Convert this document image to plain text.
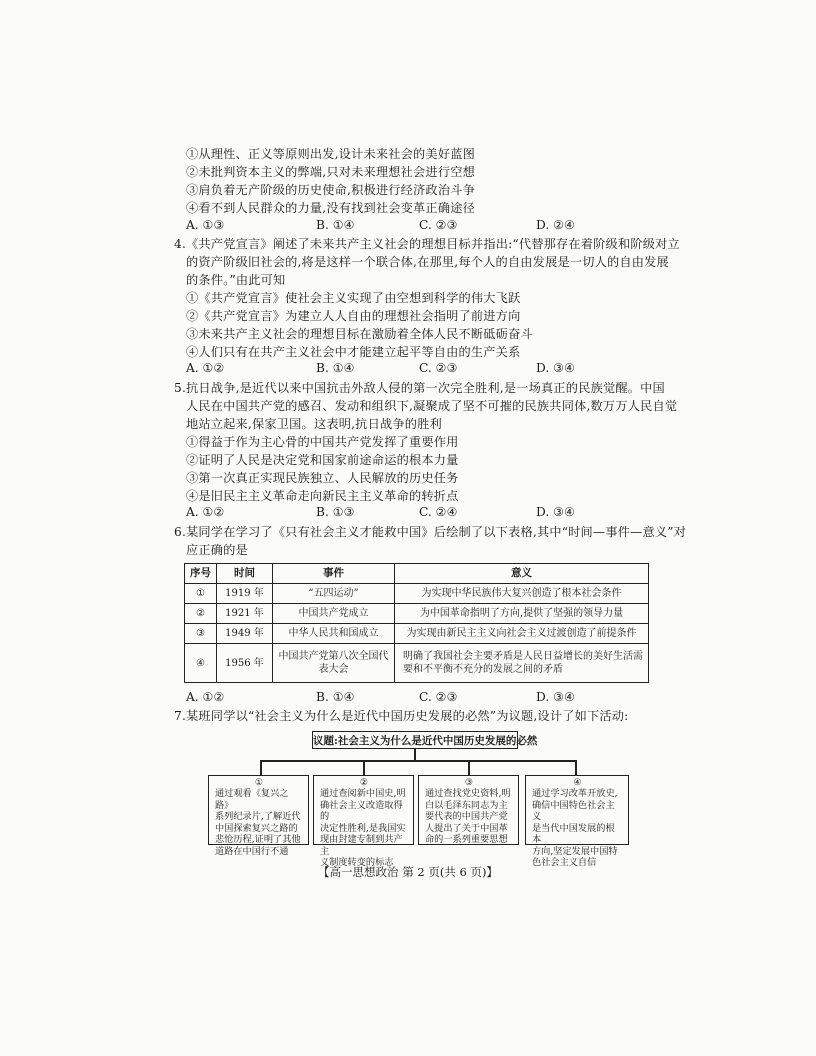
①从理性、正义等原则出发,设计未来社会的美好蓝图
②未批判资本主义的弊端,只对未来理想社会进行空想
③肩负着无产阶级的历史使命,积极进行经济政治斗争
④看不到人民群众的力量,没有找到社会变革正确途径
A. ①③	B. ①④	C. ②③	D. ②④
4.《共产党宣言》阐述了未来共产主义社会的理想目标并指出:“代替那存在着阶级和阶级对立
的资产阶级旧社会的,将是这样一个联合体,在那里,每个人的自由发展是一切人的自由发展
的条件。”由此可知
①《共产党宣言》使社会主义实现了由空想到科学的伟大飞跃
②《共产党宣言》为建立人人自由的理想社会指明了前进方向
③未来共产主义社会的理想目标在激励着全体人民不断砥砺奋斗
④人们只有在共产主义社会中才能建立起平等自由的生产关系
A. ①②	B. ①④	C. ②③	D. ③④
5.抗日战争,是近代以来中国抗击外敌人侵的第一次完全胜利,是一场真正的民族觉醒。中国
人民在中国共产党的感召、发动和组织下,凝聚成了坚不可摧的民族共同体,数万万人民自觉
地站立起来,保家卫国。这表明,抗日战争的胜利
①得益于作为主心骨的中国共产党发挥了重要作用
②证明了人民是决定党和国家前途命运的根本力量
③第一次真正实现民族独立、人民解放的历史任务
④是旧民主主义革命走向新民主主义革命的转折点
A. ①②	B. ①③	C. ②④	D. ③④
6.某同学在学习了《只有社会主义才能救中国》后绘制了以下表格,其中“时间—事件—意义”对
应正确的是
序号	时间	事件	意义
①	1919 年	“五四运动”	为实现中华民族伟大复兴创造了根本社会条件
②	1921 年	中国共产党成立	为中国革命指明了方向,提供了坚强的领导力量
③	1949 年	中华人民共和国成立	为实现由新民主主义向社会主义过渡创造了前提条件
④	1956 年	中国共产党第八次全国代表大会	明确了我国社会主要矛盾是人民日益增长的美好生活需要和不平衡不充分的发展之间的矛盾
A. ①②	B. ①④	C. ②③	D. ③④
7.某班同学以“社会主义为什么是近代中国历史发展的必然”为议题,设计了如下活动:
议题:社会主义为什么是近代中国历史发展的必然
①
通过观看《复兴之路》
系列纪录片,了解近代
中国探索复兴之路的
悲怆历程,证明了其他
道路在中国行不通
②
通过查阅新中国史,明
确社会主义改造取得的
决定性胜利,是我国实
现由封建专制到共产主
义制度转变的标志
③
通过查找党史资料,明
白以毛泽东同志为主
要代表的中国共产党
人提出了关于中国革
命的一系列重要思想
④
通过学习改革开放史,
确信中国特色社会主义
是当代中国发展的根本
方向,坚定发展中国特
色社会主义自信
【高一思想政治 第 2 页(共 6 页)】
